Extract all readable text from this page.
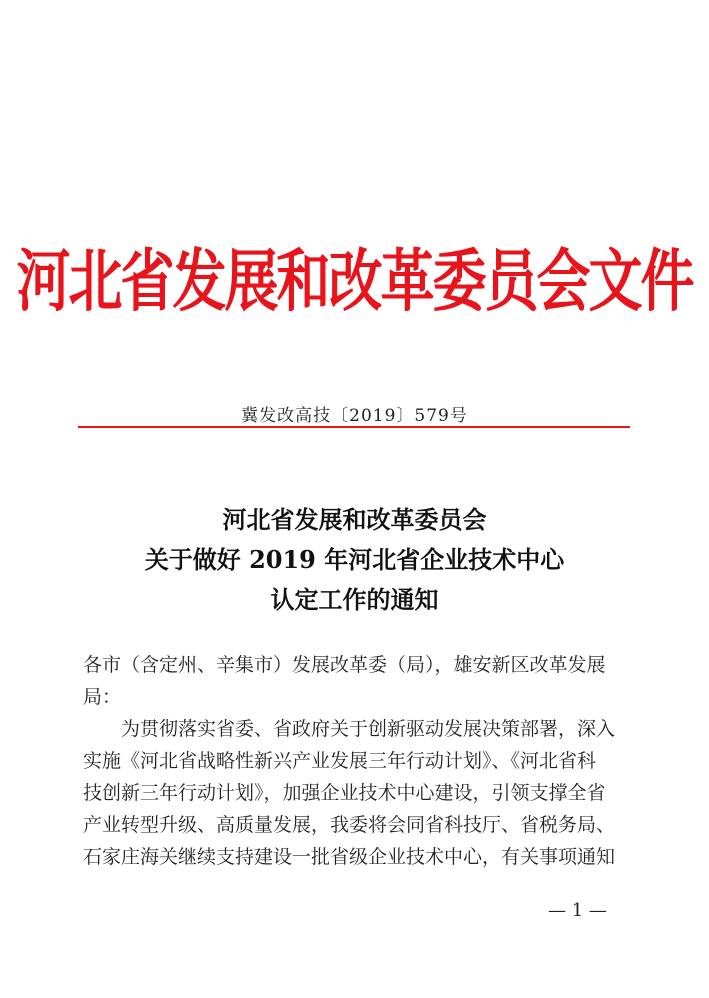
河北省发展和改革委员会文件
冀发改高技〔2019〕579号
河北省发展和改革委员会
关于做好 2019 年河北省企业技术中心
认定工作的通知
各市（含定州、辛集市）发展改革委（局），雄安新区改革发展
局：
为贯彻落实省委、省政府关于创新驱动发展决策部署，深入
实施《河北省战略性新兴产业发展三年行动计划》、《河北省科
技创新三年行动计划》，加强企业技术中心建设，引领支撑全省
产业转型升级、高质量发展，我委将会同省科技厅、省税务局、
石家庄海关继续支持建设一批省级企业技术中心，有关事项通知
— 1 —
